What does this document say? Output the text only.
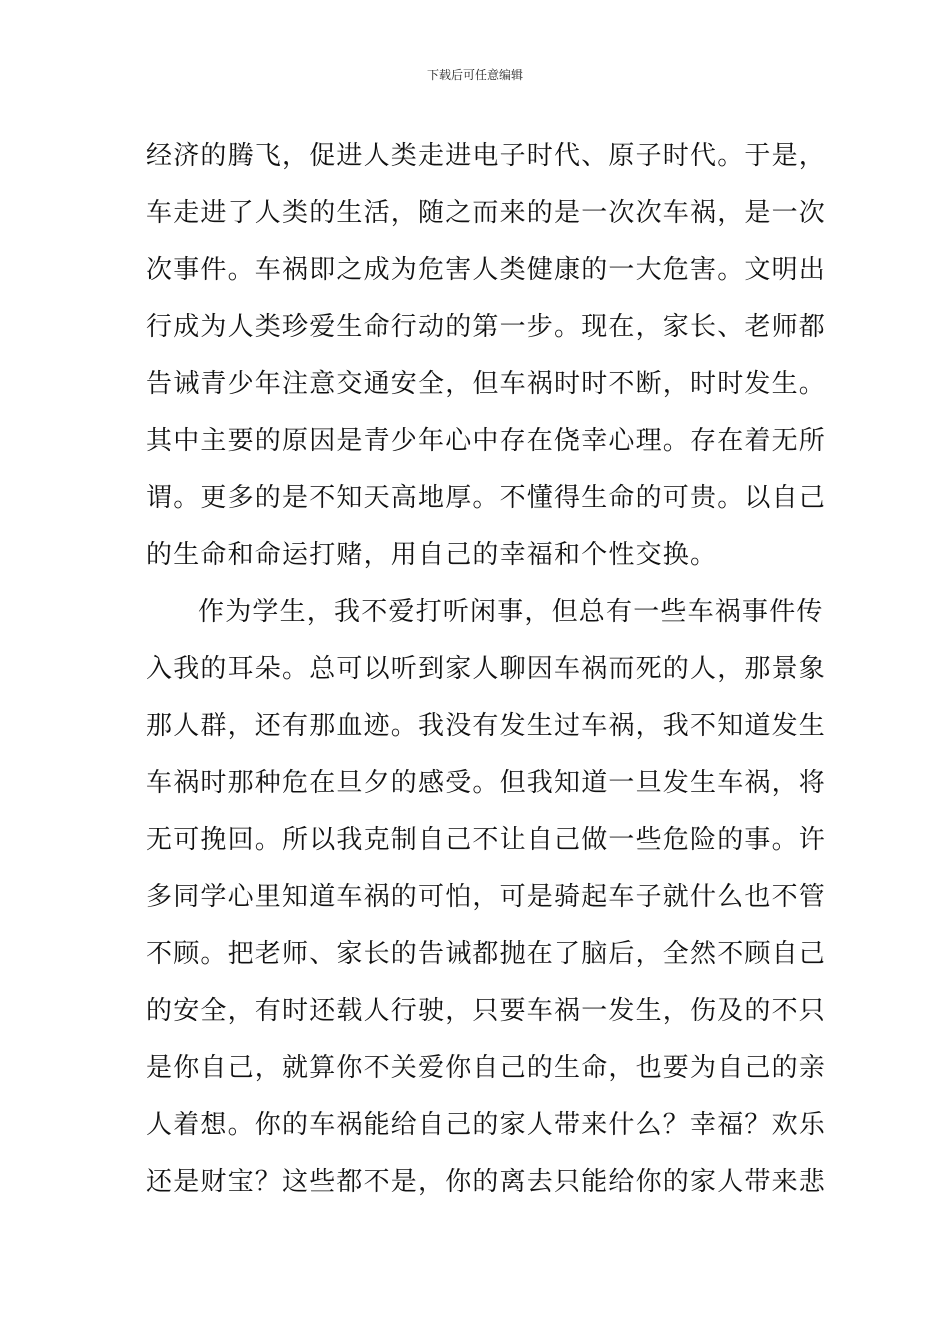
下载后可任意编辑
经济的腾飞，促进人类走进电子时代、原子时代。于是，
车走进了人类的生活，随之而来的是一次次车祸，是一次
次事件。车祸即之成为危害人类健康的一大危害。文明出
行成为人类珍爱生命行动的第一步。现在，家长、老师都
告诫青少年注意交通安全，但车祸时时不断，时时发生。
其中主要的原因是青少年心中存在侥幸心理。存在着无所
谓。更多的是不知天高地厚。不懂得生命的可贵。以自己
的生命和命运打赌，用自己的幸福和个性交换。
作为学生，我不爱打听闲事，但总有一些车祸事件传
入我的耳朵。总可以听到家人聊因车祸而死的人，那景象
那人群，还有那血迹。我没有发生过车祸，我不知道发生
车祸时那种危在旦夕的感受。但我知道一旦发生车祸，将
无可挽回。所以我克制自己不让自己做一些危险的事。许
多同学心里知道车祸的可怕，可是骑起车子就什么也不管
不顾。把老师、家长的告诫都抛在了脑后，全然不顾自己
的安全，有时还载人行驶，只要车祸一发生，伤及的不只
是你自己，就算你不关爱你自己的生命，也要为自己的亲
人着想。你的车祸能给自己的家人带来什么？幸福？欢乐
还是财宝？这些都不是，你的离去只能给你的家人带来悲
